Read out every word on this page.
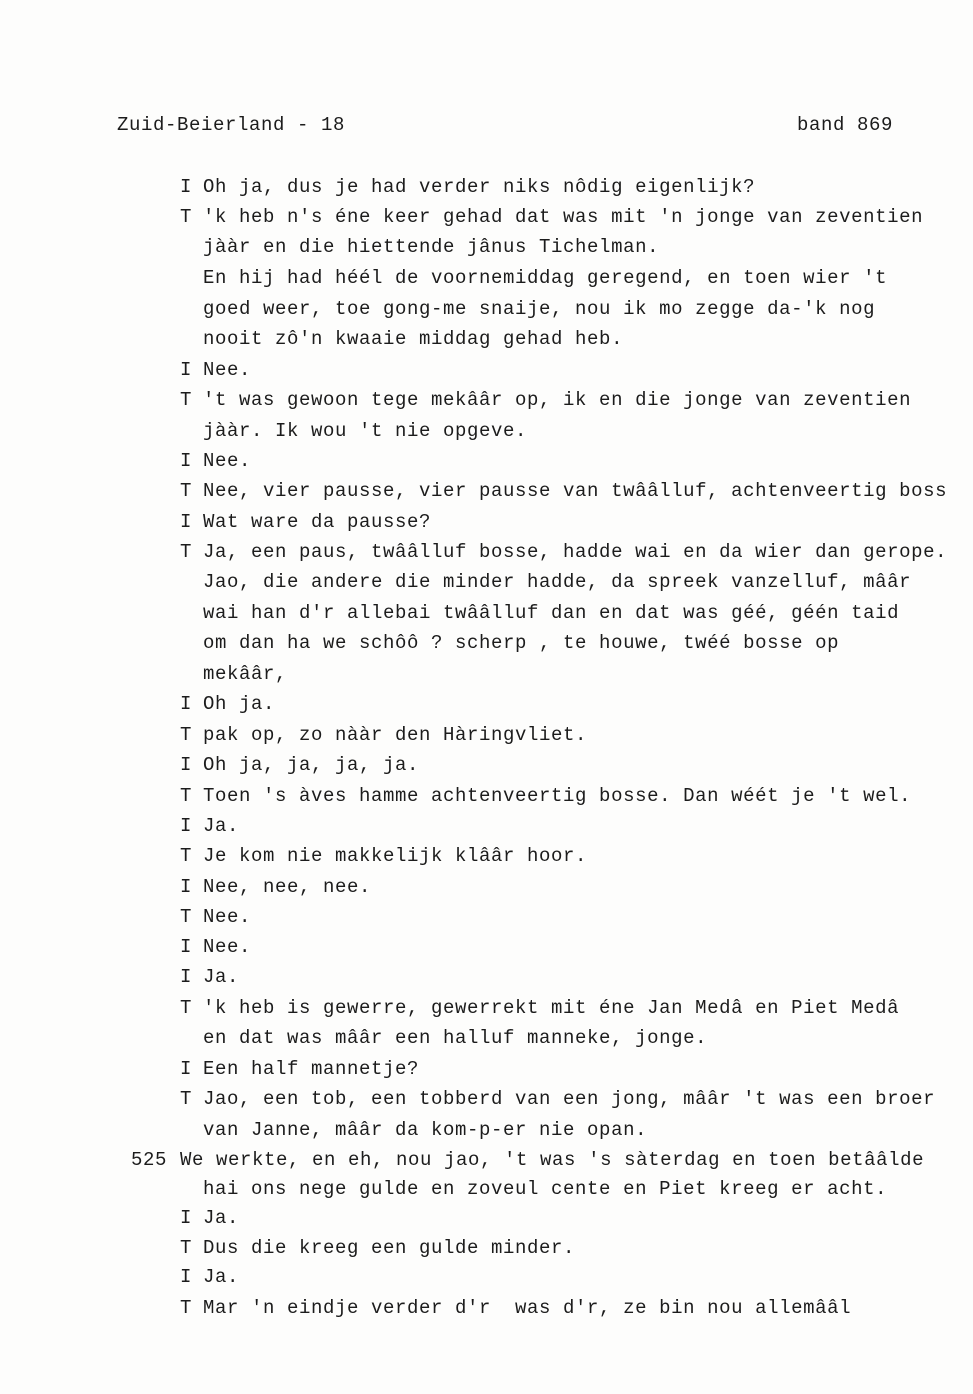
Zuid-Beierland - 18	band 869
I Oh ja, dus je had verder niks nôdig eigenlijk?
T 'k heb n's éne keer gehad dat was mit 'n jonge van zeventien
jààr en die hiettende jânus Tichelman.
En hij had héél de voornemiddag geregend, en toen wier 't
goed weer, toe gong-me snaije, nou ik mo zegge da-'k nog
nooit zô'n kwaaie middag gehad heb.
I Nee.
T 't was gewoon tege mekââr op, ik en die jonge van zeventien
jààr. Ik wou 't nie opgeve.
I Nee.
T Nee, vier pausse, vier pausse van twââlluf, achtenveertig boss
I Wat ware da pausse?
T Ja, een paus, twââlluf bosse, hadde wai en da wier dan gerope.
Jao, die andere die minder hadde, da spreek vanzelluf, mââr
wai han d'r allebai twââlluf dan en dat was géé, géén taid
om dan ha we schôô ? scherp , te houwe, twéé bosse op
mekââr,
I Oh ja.
T pak op, zo nààr den Hàringvliet.
I Oh ja, ja, ja, ja.
T Toen 's àves hamme achtenveertig bosse. Dan wéét je 't wel.
I Ja.
T Je kom nie makkelijk klââr hoor.
I Nee, nee, nee.
T Nee.
I Nee.
I Ja.
T 'k heb is gewerre, gewerrekt mit éne Jan Medâ en Piet Medâ
en dat was mââr een halluf manneke, jonge.
I Een half mannetje?
T Jao, een tob, een tobberd van een jong, mââr 't was een broer
van Janne, mââr da kom-p-er nie opan.
525 We werkte, en eh, nou jao, 't was 's sàterdag en toen betââlde
hai ons nege gulde en zoveul cente en Piet kreeg er acht.
I Ja.
T Dus die kreeg een gulde minder.
I Ja.
T Mar 'n eindje verder d'r  was d'r, ze bin nou allemââl
